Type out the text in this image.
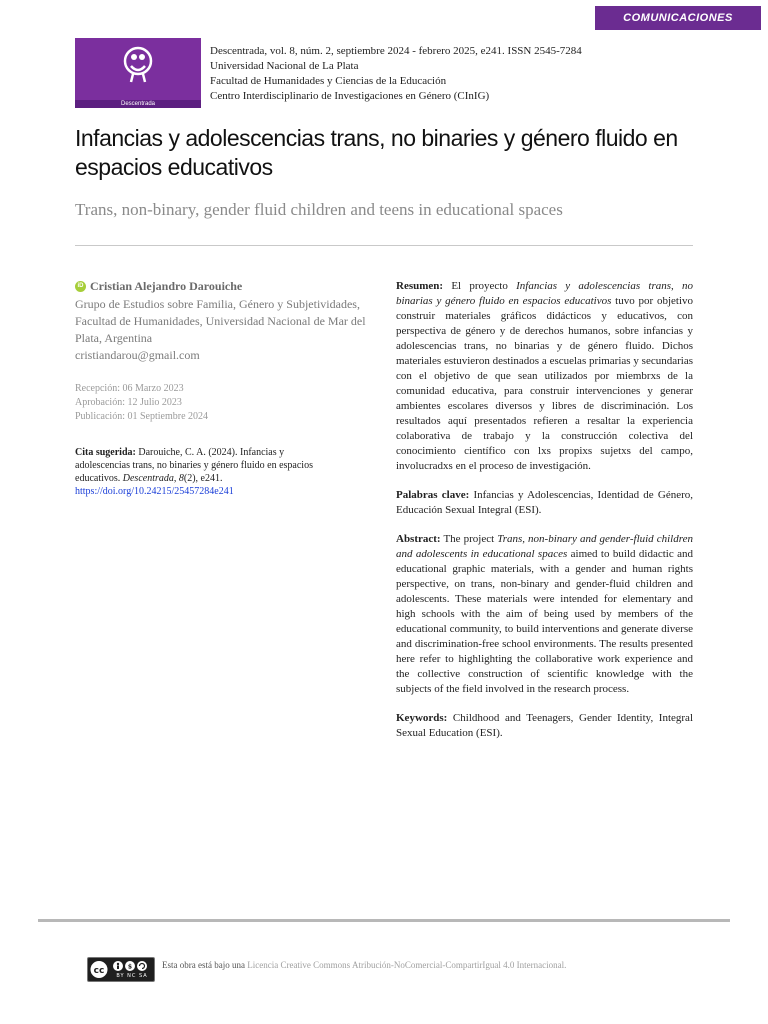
COMUNICACIONES
Descentrada
Descentrada, vol. 8, núm. 2, septiembre 2024 - febrero 2025, e241. ISSN 2545-7284
Universidad Nacional de La Plata
Facultad de Humanidades y Ciencias de la Educación
Centro Interdisciplinario de Investigaciones en Género (CInIG)
Infancias y adolescencias trans, no binaries y género fluido en espacios educativos
Trans, non-binary, gender fluid children and teens in educational spaces
iD Cristian Alejandro Darouiche
Grupo de Estudios sobre Familia, Género y Subjetividades, Facultad de Humanidades, Universidad Nacional de Mar del Plata, Argentina
cristiandarou@gmail.com
Recepción: 06 Marzo 2023
Aprobación: 12 Julio 2023
Publicación: 01 Septiembre 2024
Cita sugerida: Darouiche, C. A. (2024). Infancias y adolescencias trans, no binaries y género fluido en espacios educativos. Descentrada, 8(2), e241.
https://doi.org/10.24215/25457284e241

Resumen: El proyecto Infancias y adolescencias trans, no binarias y género fluido en espacios educativos tuvo por objetivo construir materiales gráficos didácticos y educativos, con perspectiva de género y de derechos humanos, sobre infancias y adolescencias trans, no binarias y de género fluido. Dichos materiales estuvieron destinados a escuelas primarias y secundarias con el objetivo de que sean utilizados por miembrxs de la comunidad educativa, para construir intervenciones y generar ambientes escolares diversos y libres de discriminación. Los resultados aquí presentados refieren a resaltar la experiencia colaborativa de trabajo y la construcción colectiva del conocimiento científico con lxs propixs sujetxs del campo, involucradxs en el proceso de investigación.

Palabras clave: Infancias y Adolescencias, Identidad de Género, Educación Sexual Integral (ESI).

Abstract: The project Trans, non-binary and gender-fluid children and adolescents in educational spaces aimed to build didactic and educational graphic materials, with a gender and human rights perspective, on trans, non-binary and gender-fluid children and adolescents. These materials were intended for elementary and high schools with the aim of being used by members of the educational community, to build interventions and generate diverse and discrimination-free school environments. The results presented here refer to highlighting the collaborative work experience and the collective construction of scientific knowledge with the subjects of the field involved in the research process.

Keywords: Childhood and Teenagers, Gender Identity, Integral Sexual Education (ESI).

cc	$
BY NC SA
Esta obra está bajo una Licencia Creative Commons Atribución-NoComercial-CompartirIgual 4.0 Internacional.
